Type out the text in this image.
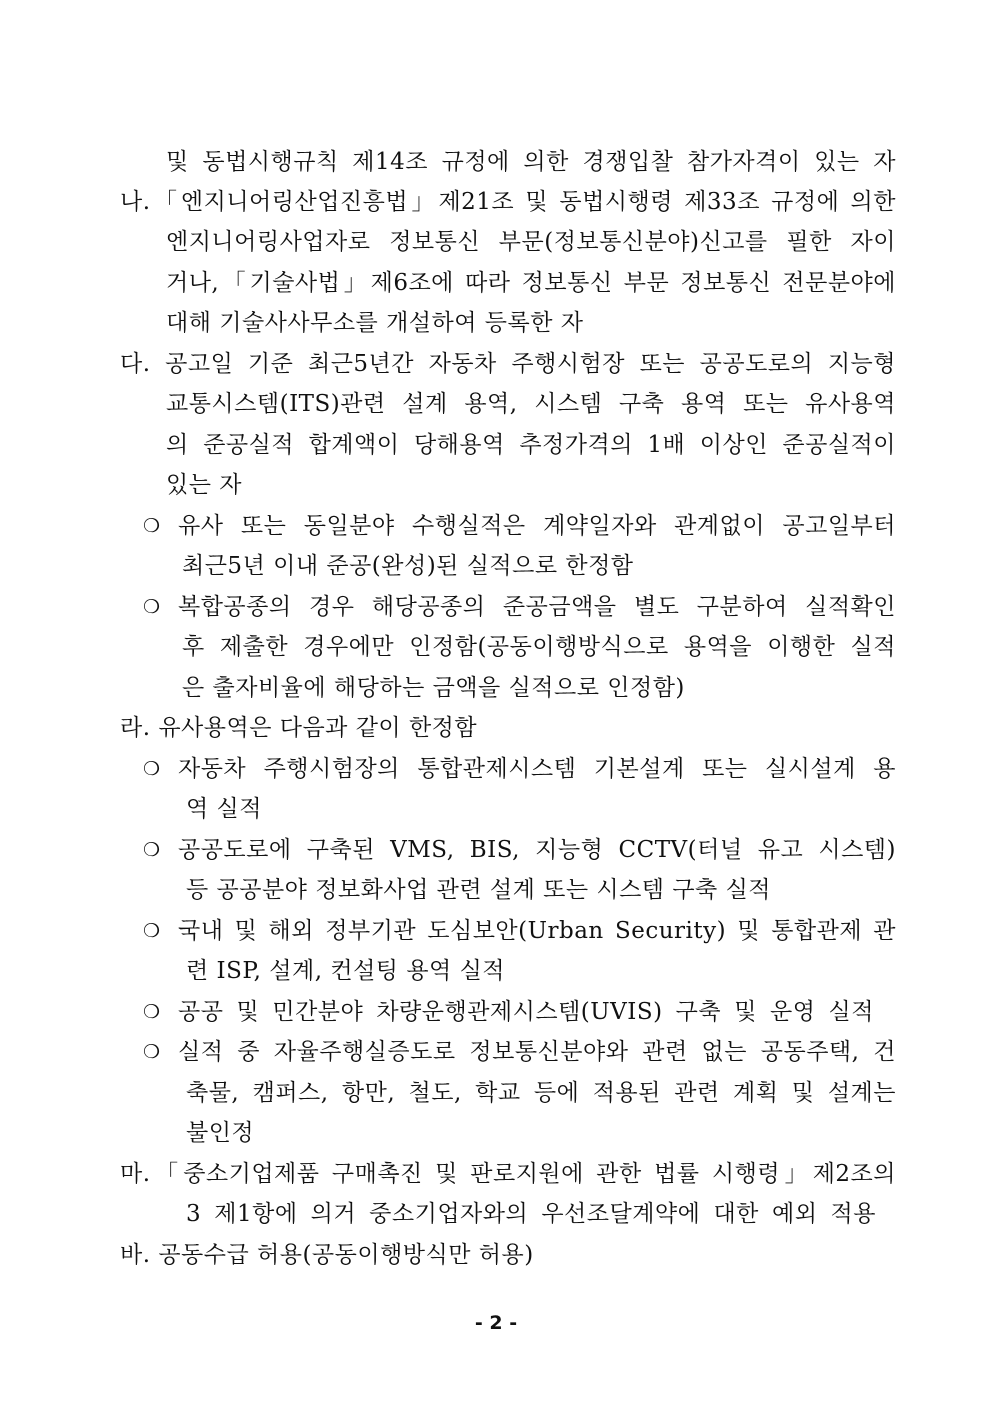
및 동법시행규칙 제14조 규정에 의한 경쟁입찰 참가자격이 있는 자
나.「엔지니어링산업진흥법」제21조 및 동법시행령 제33조 규정에 의한
엔지니어링사업자로 정보통신 부문(정보통신분야)신고를 필한 자이
거나,「기술사법」제6조에 따라 정보통신 부문 정보통신 전문분야에
대해 기술사사무소를 개설하여 등록한 자
다. 공고일 기준 최근5년간 자동차 주행시험장 또는 공공도로의 지능형
교통시스템(ITS)관련 설계 용역, 시스템 구축 용역 또는 유사용역
의 준공실적 합계액이 당해용역 추정가격의 1배 이상인 준공실적이
있는 자
❍ 유사 또는 동일분야 수행실적은 계약일자와 관계없이 공고일부터
최근5년 이내 준공(완성)된 실적으로 한정함
❍ 복합공종의 경우 해당공종의 준공금액을 별도 구분하여 실적확인
후 제출한 경우에만 인정함(공동이행방식으로 용역을 이행한 실적
은 출자비율에 해당하는 금액을 실적으로 인정함)
라. 유사용역은 다음과 같이 한정함
❍ 자동차 주행시험장의 통합관제시스템 기본설계 또는 실시설계 용
역 실적
❍ 공공도로에 구축된 VMS, BIS, 지능형 CCTV(터널 유고 시스템)
등 공공분야 정보화사업 관련 설계 또는 시스템 구축 실적
❍ 국내 및 해외 정부기관 도심보안(Urban Security) 및 통합관제 관
련 ISP, 설계, 컨설팅 용역 실적
❍ 공공 및 민간분야 차량운행관제시스템(UVIS) 구축 및 운영 실적
❍ 실적 중 자율주행실증도로 정보통신분야와 관련 없는 공동주택, 건
축물, 캠퍼스, 항만, 철도, 학교 등에 적용된 관련 계획 및 설계는
불인정
마.「중소기업제품 구매촉진 및 판로지원에 관한 법률 시행령」제2조의
3 제1항에 의거 중소기업자와의 우선조달계약에 대한 예외 적용
바. 공동수급 허용(공동이행방식만 허용)
- 2 -
